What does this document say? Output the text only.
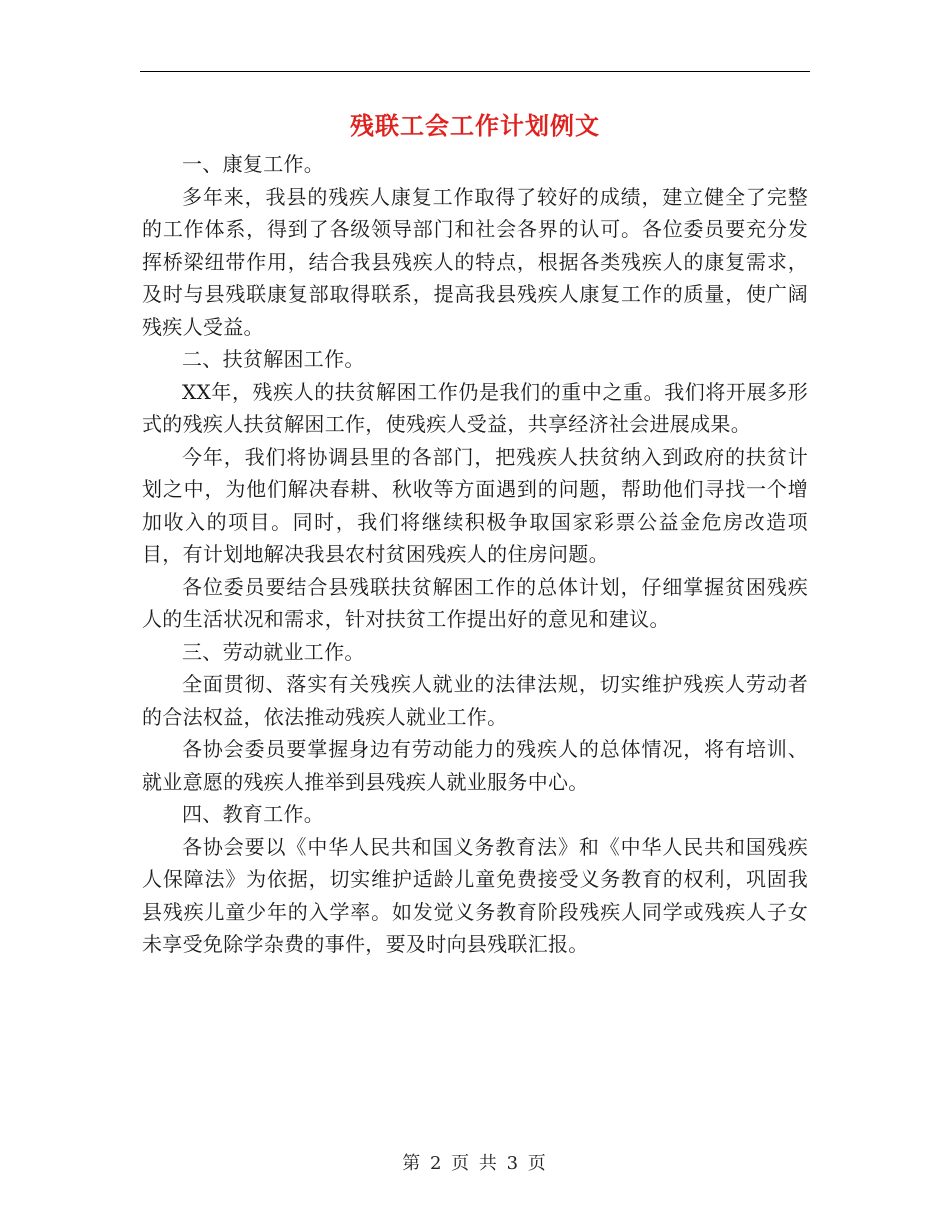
残联工会工作计划例文

一、康复工作。

多年来，我县的残疾人康复工作取得了较好的成绩，建立健全了完整的工作体系，得到了各级领导部门和社会各界的认可。各位委员要充分发挥桥梁纽带作用，结合我县残疾人的特点，根据各类残疾人的康复需求，及时与县残联康复部取得联系，提高我县残疾人康复工作的质量，使广阔残疾人受益。

二、扶贫解困工作。

XX年，残疾人的扶贫解困工作仍是我们的重中之重。我们将开展多形式的残疾人扶贫解困工作，使残疾人受益，共享经济社会进展成果。

今年，我们将协调县里的各部门，把残疾人扶贫纳入到政府的扶贫计划之中，为他们解决春耕、秋收等方面遇到的问题，帮助他们寻找一个增加收入的项目。同时，我们将继续积极争取国家彩票公益金危房改造项目，有计划地解决我县农村贫困残疾人的住房问题。

各位委员要结合县残联扶贫解困工作的总体计划，仔细掌握贫困残疾人的生活状况和需求，针对扶贫工作提出好的意见和建议。

三、劳动就业工作。

全面贯彻、落实有关残疾人就业的法律法规，切实维护残疾人劳动者的合法权益，依法推动残疾人就业工作。

各协会委员要掌握身边有劳动能力的残疾人的总体情况，将有培训、就业意愿的残疾人推举到县残疾人就业服务中心。

四、教育工作。

各协会要以《中华人民共和国义务教育法》和《中华人民共和国残疾人保障法》为依据，切实维护适龄儿童免费接受义务教育的权利，巩固我县残疾儿童少年的入学率。如发觉义务教育阶段残疾人同学或残疾人子女未享受免除学杂费的事件，要及时向县残联汇报。

第 2 页 共 3 页
